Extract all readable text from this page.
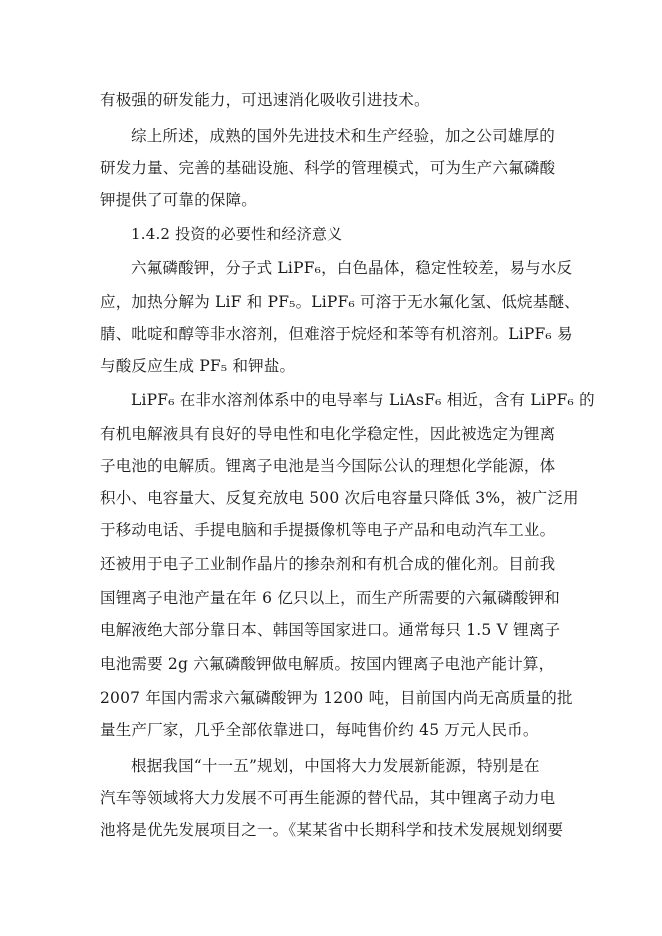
有极强的研发能力，可迅速消化吸收引进技术。
综上所述，成熟的国外先进技术和生产经验，加之公司雄厚的
研发力量、完善的基础设施、科学的管理模式，可为生产六氟磷酸
钾提供了可靠的保障。
1.4.2 投资的必要性和经济意义
六氟磷酸钾，分子式 LiPF₆，白色晶体，稳定性较差，易与水反
应，加热分解为 LiF 和 PF₅。LiPF₆ 可溶于无水氟化氢、低烷基醚、
腈、吡啶和醇等非水溶剂，但难溶于烷烃和苯等有机溶剂。LiPF₆ 易
与酸反应生成 PF₅ 和钾盐。
LiPF₆ 在非水溶剂体系中的电导率与 LiAsF₆ 相近，含有 LiPF₆ 的
有机电解液具有良好的导电性和电化学稳定性，因此被选定为锂离
子电池的电解质。锂离子电池是当今国际公认的理想化学能源，体
积小、电容量大、反复充放电 500 次后电容量只降低 3%，被广泛用
于移动电话、手提电脑和手提摄像机等电子产品和电动汽车工业。
还被用于电子工业制作晶片的掺杂剂和有机合成的催化剂。目前我
国锂离子电池产量在年 6 亿只以上，而生产所需要的六氟磷酸钾和
电解液绝大部分靠日本、韩国等国家进口。通常每只 1.5 V 锂离子
电池需要 2g 六氟磷酸钾做电解质。按国内锂离子电池产能计算，
2007 年国内需求六氟磷酸钾为 1200 吨，目前国内尚无高质量的批
量生产厂家，几乎全部依靠进口，每吨售价约 45 万元人民币。
根据我国“十一五”规划，中国将大力发展新能源，特别是在
汽车等领域将大力发展不可再生能源的替代品，其中锂离子动力电
池将是优先发展项目之一。《某某省中长期科学和技术发展规划纲要
